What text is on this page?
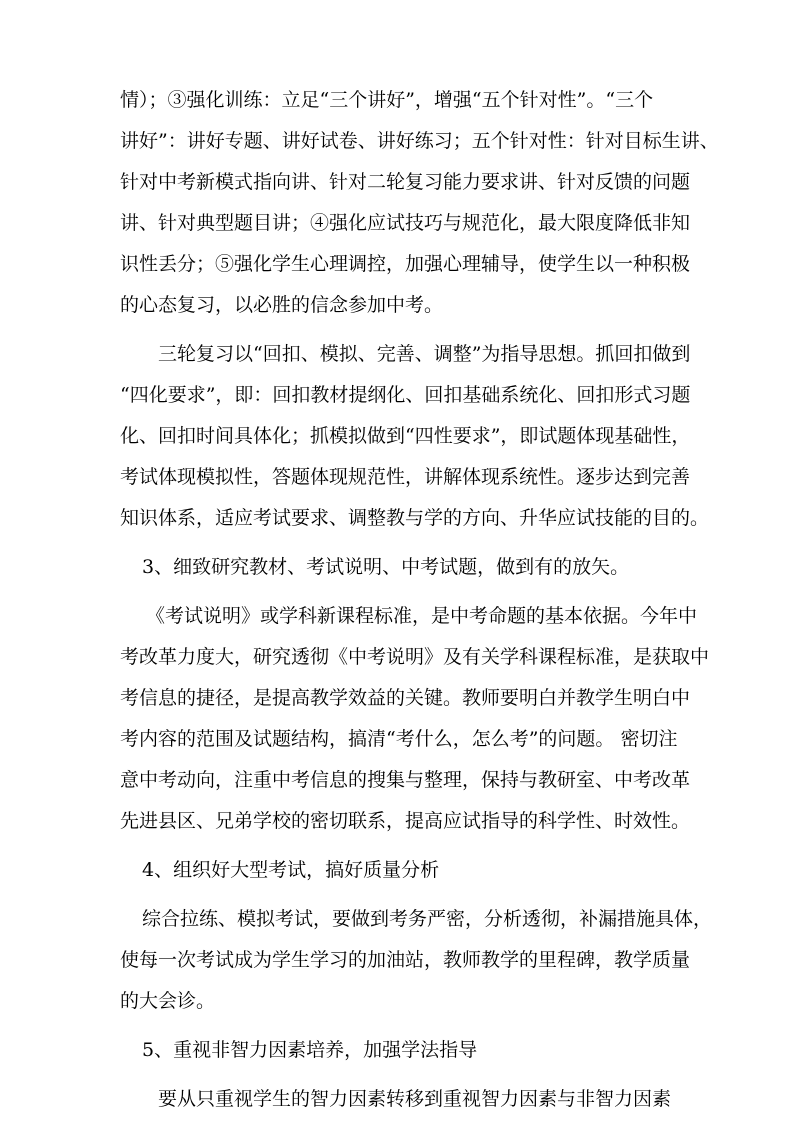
情）；③强化训练：立足“三个讲好”，增强“五个针对性”。“三个
讲好”：讲好专题、讲好试卷、讲好练习；五个针对性：针对目标生讲、
针对中考新模式指向讲、针对二轮复习能力要求讲、针对反馈的问题
讲、针对典型题目讲；④强化应试技巧与规范化，最大限度降低非知
识性丢分；⑤强化学生心理调控，加强心理辅导，使学生以一种积极
的心态复习，以必胜的信念参加中考。
三轮复习以“回扣、模拟、完善、调整”为指导思想。抓回扣做到
“四化要求”，即：回扣教材提纲化、回扣基础系统化、回扣形式习题
化、回扣时间具体化；抓模拟做到“四性要求”，即试题体现基础性，
考试体现模拟性，答题体现规范性，讲解体现系统性。逐步达到完善
知识体系，适应考试要求、调整教与学的方向、升华应试技能的目的。
3、细致研究教材、考试说明、中考试题，做到有的放矢。
《考试说明》或学科新课程标准，是中考命题的基本依据。今年中
考改革力度大，研究透彻《中考说明》及有关学科课程标准，是获取中
考信息的捷径，是提高教学效益的关键。教师要明白并教学生明白中
考内容的范围及试题结构，搞清“考什么，怎么考”的问题。 密切注
意中考动向，注重中考信息的搜集与整理，保持与教研室、中考改革
先进县区、兄弟学校的密切联系，提高应试指导的科学性、时效性。
4、组织好大型考试，搞好质量分析
综合拉练、模拟考试，要做到考务严密，分析透彻，补漏措施具体，
使每一次考试成为学生学习的加油站，教师教学的里程碑，教学质量
的大会诊。
5、重视非智力因素培养，加强学法指导
要从只重视学生的智力因素转移到重视智力因素与非智力因素
